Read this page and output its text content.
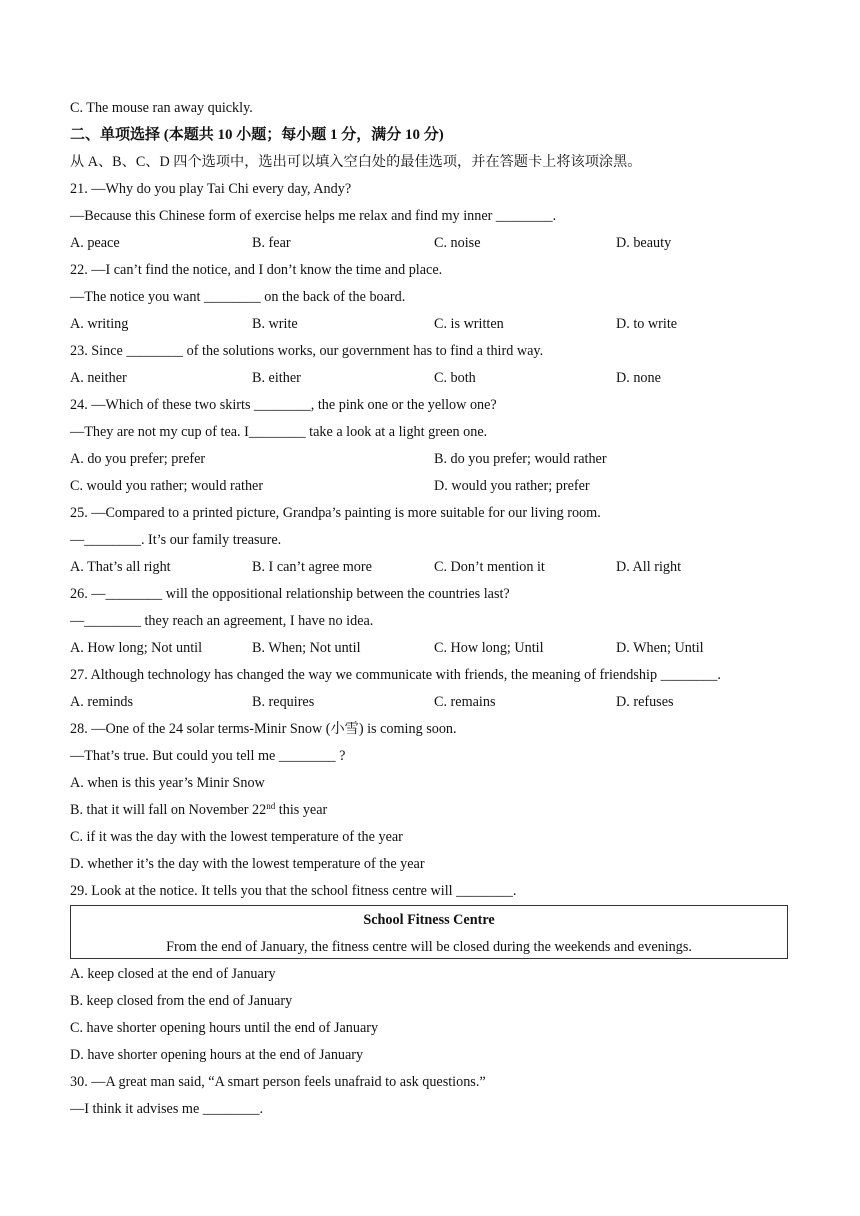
C. The mouse ran away quickly.
二、单项选择 (本题共 10 小题；每小题 1 分，满分 10 分)
从 A、B、C、D 四个选项中，选出可以填入空白处的最佳选项，并在答题卡上将该项涂黑。
21. —Why do you play Tai Chi every day, Andy?
—Because this Chinese form of exercise helps me relax and find my inner ________.
A. peace	B. fear	C. noise	D. beauty
22. —I can’t find the notice, and I don’t know the time and place.
—The notice you want ________ on the back of the board.
A. writing	B. write	C. is written	D. to write
23. Since ________ of the solutions works, our government has to find a third way.
A. neither	B. either	C. both	D. none
24. —Which of these two skirts ________, the pink one or the yellow one?
—They are not my cup of tea. I________ take a look at a light green one.
A. do you prefer; prefer	B. do you prefer; would rather
C. would you rather; would rather	D. would you rather; prefer
25. —Compared to a printed picture, Grandpa’s painting is more suitable for our living room.
—________. It’s our family treasure.
A. That’s all right	B. I can’t agree more	C. Don’t mention it	D. All right
26. —________ will the oppositional relationship between the countries last?
—________ they reach an agreement, I have no idea.
A. How long; Not until	B. When; Not until	C. How long; Until	D. When; Until
27. Although technology has changed the way we communicate with friends, the meaning of friendship ________.
A. reminds	B. requires	C. remains	D. refuses
28. —One of the 24 solar terms-Minir Snow (小雪) is coming soon.
—That’s true. But could you tell me ________ ?
A. when is this year’s Minir Snow
B. that it will fall on November 22nd this year
C. if it was the day with the lowest temperature of the year
D. whether it’s the day with the lowest temperature of the year
29. Look at the notice. It tells you that the school fitness centre will ________.
School Fitness Centre
From the end of January, the fitness centre will be closed during the weekends and evenings.
A. keep closed at the end of January
B. keep closed from the end of January
C. have shorter opening hours until the end of January
D. have shorter opening hours at the end of January
30. —A great man said, “A smart person feels unafraid to ask questions.”
—I think it advises me ________.
